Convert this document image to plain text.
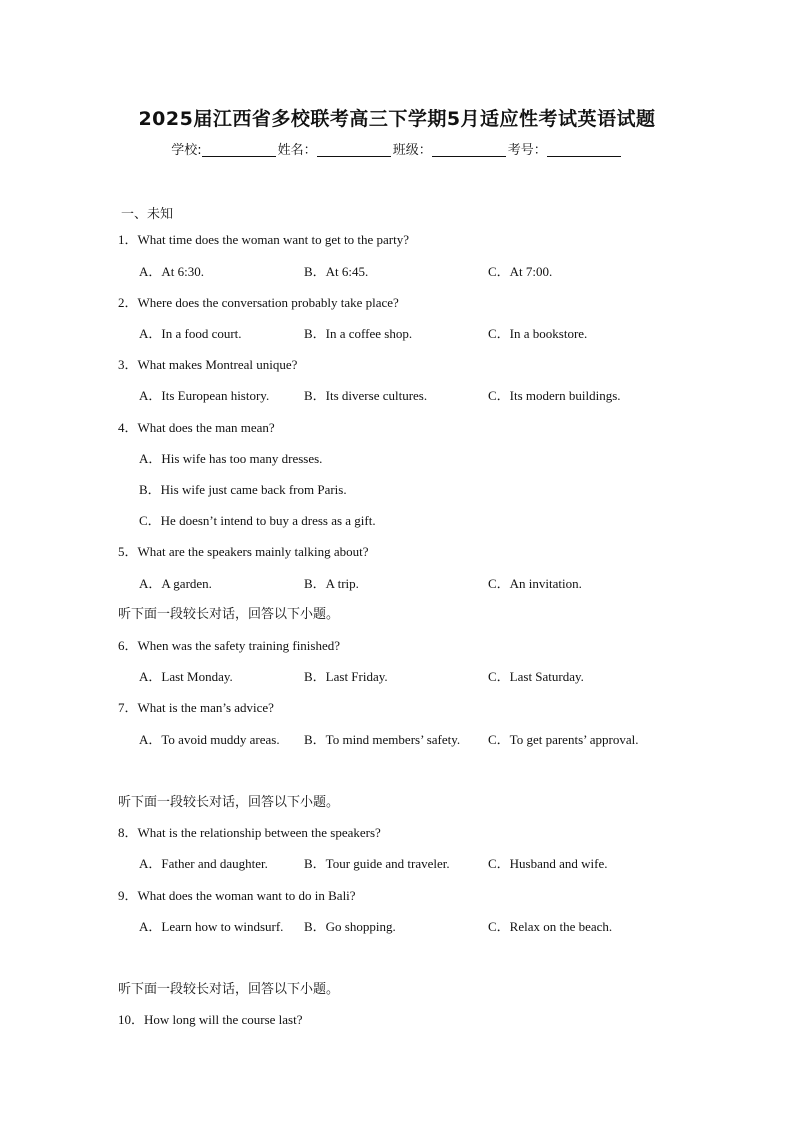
2025届江西省多校联考高三下学期5月适应性考试英语试题
学校:	姓名：	班级：	考号：
一、未知
1．What time does the woman want to get to the party?
A．At 6:30.	B．At 6:45.	C．At 7:00.
2．Where does the conversation probably take place?
A．In a food court.	B．In a coffee shop.	C．In a bookstore.
3．What makes Montreal unique?
A．Its European history.	B．Its diverse cultures.	C．Its modern buildings.
4．What does the man mean?
A．His wife has too many dresses.
B．His wife just came back from Paris.
C．He doesn’t intend to buy a dress as a gift.
5．What are the speakers mainly talking about?
A．A garden.	B．A trip.	C．An invitation.
听下面一段较长对话，回答以下小题。
6．When was the safety training finished?
A．Last Monday.	B．Last Friday.	C．Last Saturday.
7．What is the man’s advice?
A．To avoid muddy areas. B．To mind members’ safety. C．To get parents’ approval.
听下面一段较长对话，回答以下小题。
8．What is the relationship between the speakers?
A．Father and daughter.	B．Tour guide and traveler.	C．Husband and wife.
9．What does the woman want to do in Bali?
A．Learn how to windsurf. B．Go shopping.	C．Relax on the beach.
听下面一段较长对话，回答以下小题。
10．How long will the course last?
